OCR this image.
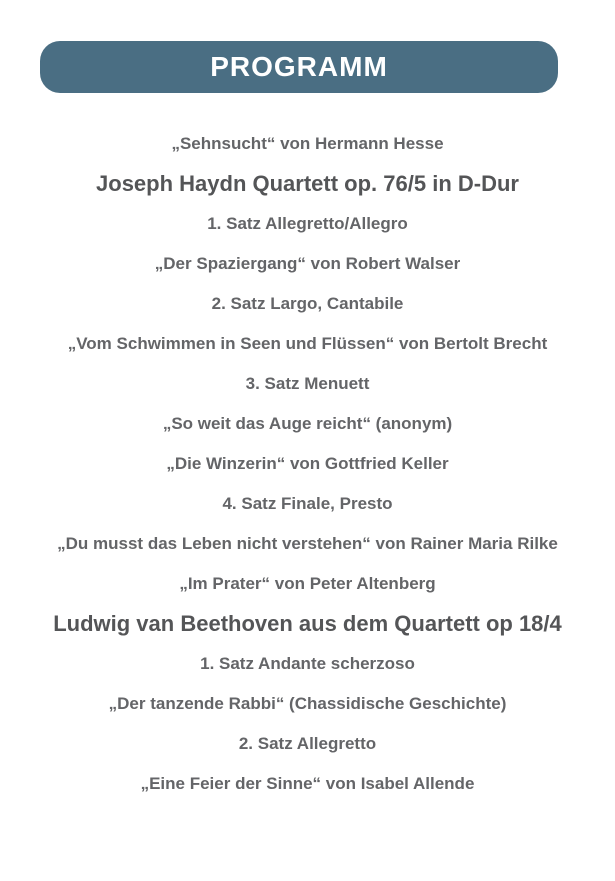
PROGRAMM
„Sehnsucht“ von Hermann Hesse
Joseph Haydn Quartett op. 76/5 in D-Dur
1. Satz Allegretto/Allegro
„Der Spaziergang“ von Robert Walser
2. Satz Largo, Cantabile
„Vom Schwimmen in Seen und Flüssen“ von Bertolt Brecht
3. Satz Menuett
„So weit das Auge reicht“ (anonym)
„Die Winzerin“ von Gottfried Keller
4. Satz Finale, Presto
„Du musst das Leben nicht verstehen“ von Rainer Maria Rilke
„Im Prater“ von Peter Altenberg
Ludwig van Beethoven aus dem Quartett op 18/4
1. Satz Andante scherzoso
„Der tanzende Rabbi“ (Chassidische Geschichte)
2. Satz Allegretto
„Eine Feier der Sinne“ von Isabel Allende
